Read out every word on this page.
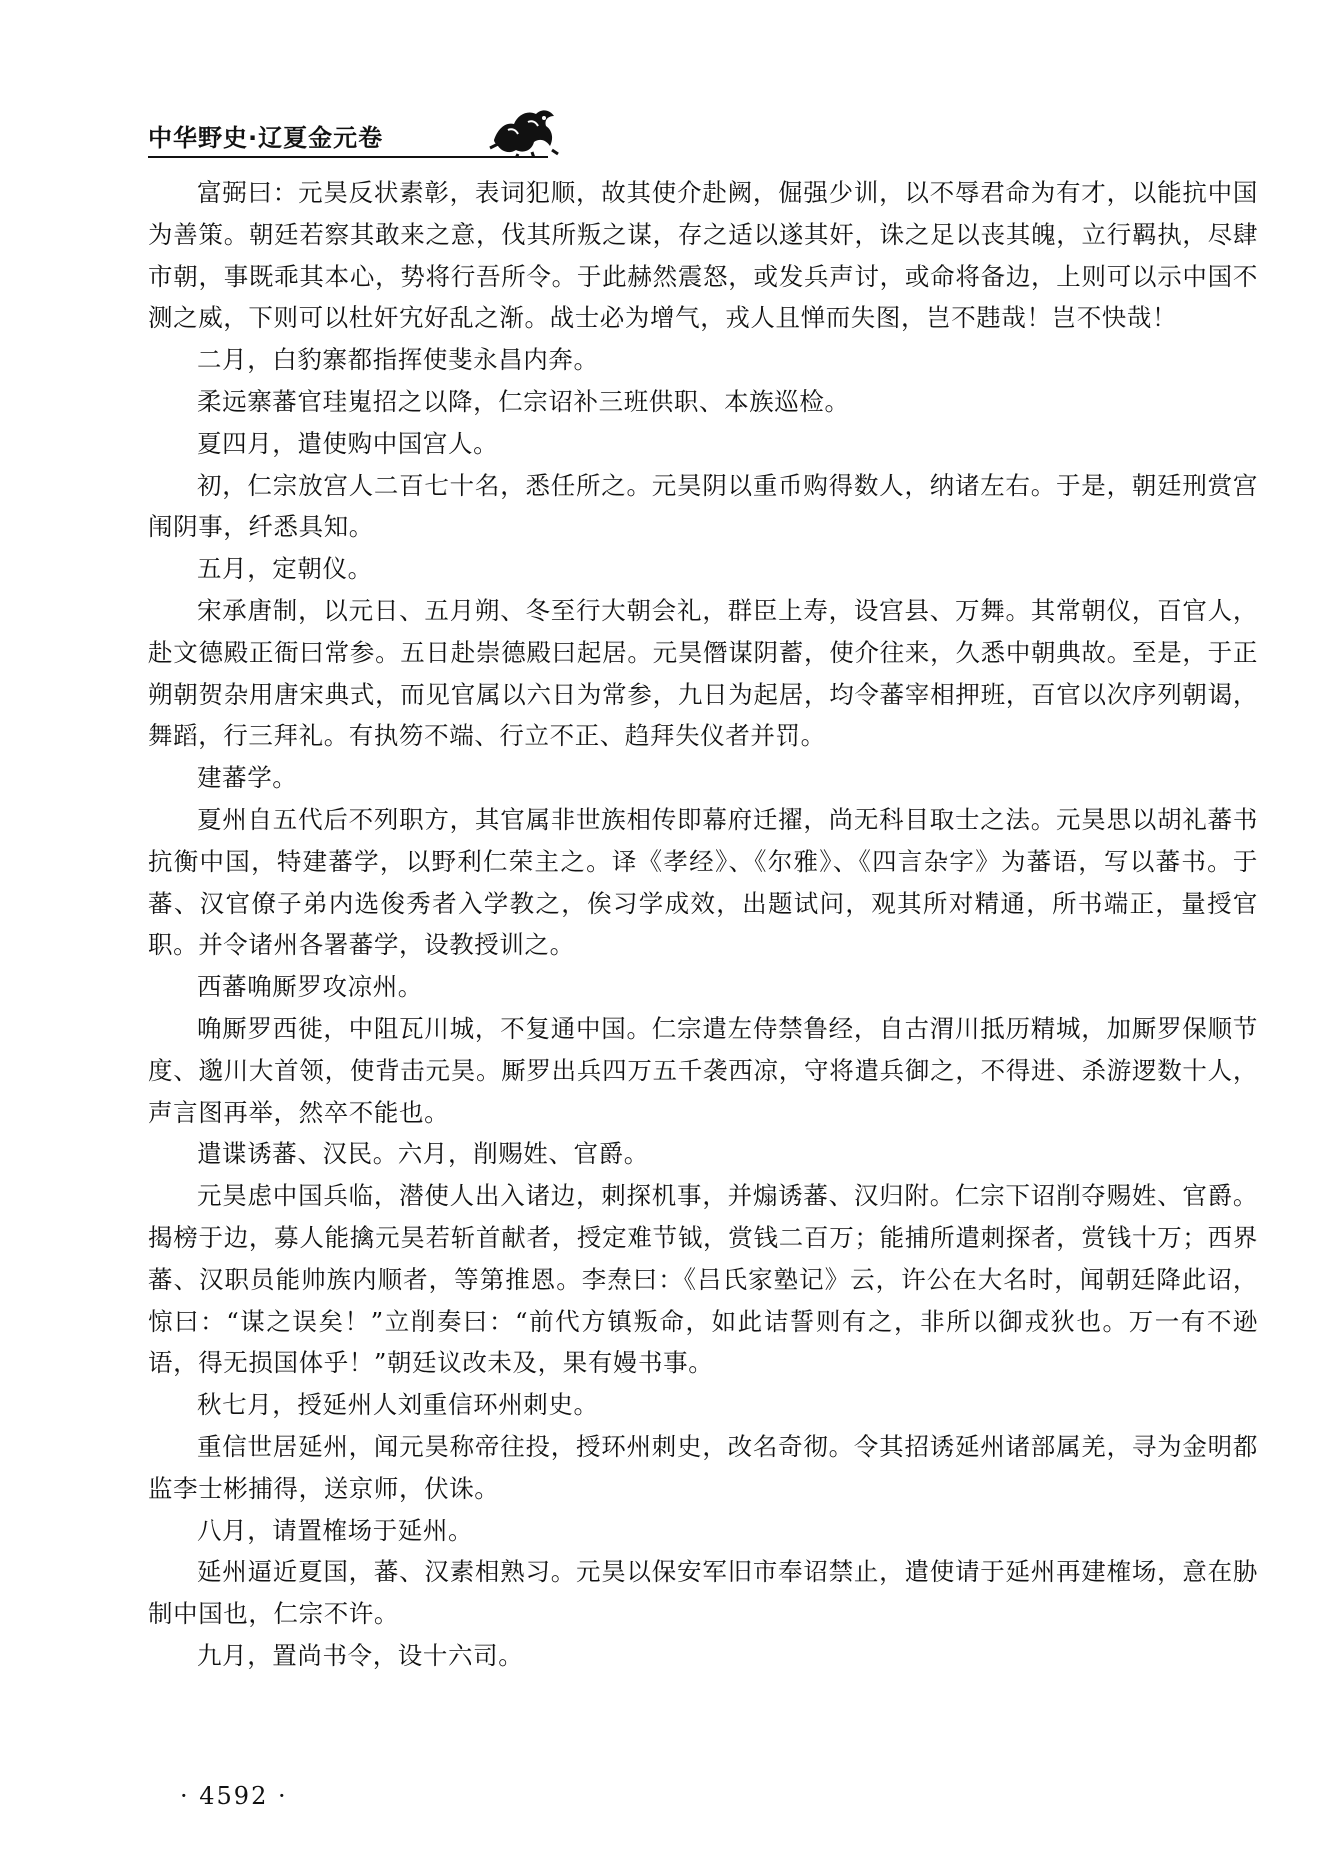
中华野史·辽夏金元卷

富弼曰：元昊反状素彰，表词犯顺，故其使介赴阙，倔强少训，以不辱君命为有才，以能抗中国为善策。朝廷若察其敢来之意，伐其所叛之谋，存之适以遂其奸，诛之足以丧其魄，立行羁执，尽肆市朝，事既乖其本心，势将行吾所令。于此赫然震怒，或发兵声讨，或命将备边，上则可以示中国不测之威，下则可以杜奸宄好乱之渐。战士必为增气，戎人且惮而失图，岂不韪哉！岂不快哉！

二月，白豹寨都指挥使斐永昌内奔。

柔远寨蕃官珪嵬招之以降，仁宗诏补三班供职、本族巡检。

夏四月，遣使购中国宫人。

初，仁宗放宫人二百七十名，悉任所之。元昊阴以重币购得数人，纳诸左右。于是，朝廷刑赏宫闱阴事，纤悉具知。

五月，定朝仪。

宋承唐制，以元日、五月朔、冬至行大朝会礼，群臣上寿，设宫县、万舞。其常朝仪，百官人，赴文德殿正衙曰常参。五日赴崇德殿曰起居。元昊僭谋阴蓄，使介往来，久悉中朝典故。至是，于正朔朝贺杂用唐宋典式，而见官属以六日为常参，九日为起居，均令蕃宰相押班，百官以次序列朝谒，舞蹈，行三拜礼。有执笏不端、行立不正、趋拜失仪者并罚。

建蕃学。

夏州自五代后不列职方，其官属非世族相传即幕府迁擢，尚无科目取士之法。元昊思以胡礼蕃书抗衡中国，特建蕃学，以野利仁荣主之。译《孝经》、《尔雅》、《四言杂字》为蕃语，写以蕃书。于蕃、汉官僚子弟内选俊秀者入学教之，俟习学成效，出题试问，观其所对精通，所书端正，量授官职。并令诸州各署蕃学，设教授训之。

西蕃唃厮罗攻凉州。

唃厮罗西徙，中阻瓦川城，不复通中国。仁宗遣左侍禁鲁经，自古渭川抵历精城，加厮罗保顺节度、邈川大首领，使背击元昊。厮罗出兵四万五千袭西凉，守将遣兵御之，不得进、杀游逻数十人，声言图再举，然卒不能也。

遣谍诱蕃、汉民。六月，削赐姓、官爵。

元昊虑中国兵临，潜使人出入诸边，刺探机事，并煽诱蕃、汉归附。仁宗下诏削夺赐姓、官爵。揭榜于边，募人能擒元昊若斩首献者，授定难节钺，赏钱二百万；能捕所遣刺探者，赏钱十万；西界蕃、汉职员能帅族内顺者，等第推恩。李焘曰：《吕氏家塾记》云，许公在大名时，闻朝廷降此诏，惊曰：“谋之误矣！”立削奏曰：“前代方镇叛命，如此诘誓则有之，非所以御戎狄也。万一有不逊语，得无损国体乎！”朝廷议改未及，果有嫚书事。

秋七月，授延州人刘重信环州刺史。

重信世居延州，闻元昊称帝往投，授环州刺史，改名奇彻。令其招诱延州诸部属羌，寻为金明都监李士彬捕得，送京师，伏诛。

八月，请置榷场于延州。

延州逼近夏国，蕃、汉素相熟习。元昊以保安军旧市奉诏禁止，遣使请于延州再建榷场，意在胁制中国也，仁宗不许。

九月，置尚书令，设十六司。

· 4592 ·
